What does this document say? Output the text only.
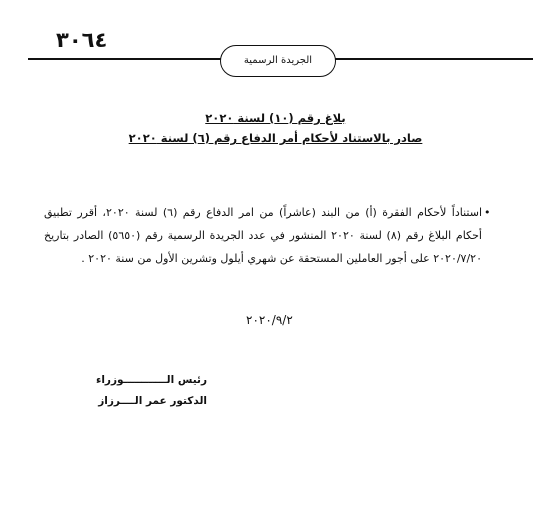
٣٠٦٤
الجريدة الرسمية
بلاغ رقم (١٠) لسنة ٢٠٢٠
صادر بالاستناد لأحكام أمر الدفاع رقم (٦) لسنة ٢٠٢٠
•
استناداً لأحكام الفقرة (أ) من البند (عاشراً) من امر الدفاع رقم (٦) لسنة ٢٠٢٠، أقرر تطبيق أحكام البلاغ رقم (٨) لسنة ٢٠٢٠ المنشور في عدد الجريدة الرسمية رقم (٥٦٥٠) الصادر بتاريخ ٢٠٢٠/٧/٢٠ على أجور العاملين المستحقة عن شهري أيلول وتشرين الأول من سنة ٢٠٢٠ .
٢٠٢٠/٩/٢
رئيس الــــــــــــوزراء
الدكتور عمر الــــرزاز
